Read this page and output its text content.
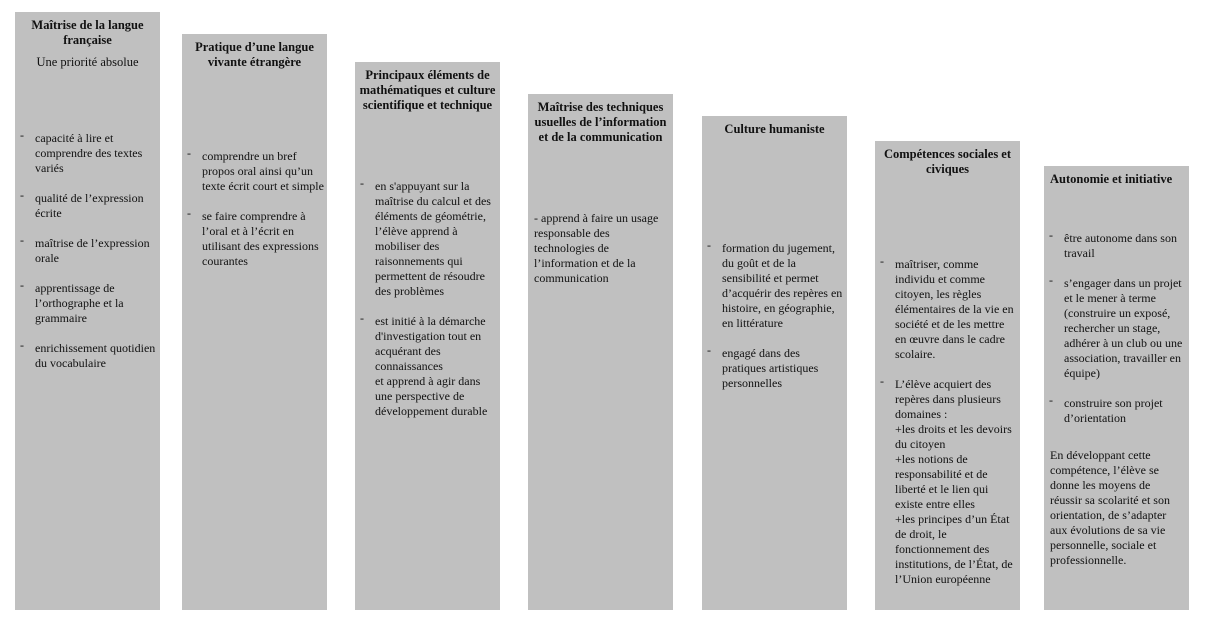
Maîtrise de la langue française
Une priorité absolue
- capacité à lire et comprendre des textes variés
- qualité de l’expression écrite
- maîtrise de l’expression orale
- apprentissage de l’orthographe et la grammaire
- enrichissement quotidien du vocabulaire
Pratique d’une langue vivante étrangère
- comprendre un bref propos oral ainsi qu’un texte écrit court et simple
- se faire comprendre à l’oral et à l’écrit en utilisant des expressions courantes
Principaux éléments de mathématiques et culture scientifique et technique
- en s'appuyant sur la maîtrise du calcul et des éléments de géométrie, l’élève apprend à mobiliser des raisonnements qui permettent de résoudre des problèmes
- est initié à la démarche d'investigation tout en acquérant des connaissances
et apprend à agir dans une perspective de développement durable
Maîtrise des techniques usuelles de l’information et de la communication
- apprend à faire un usage responsable des technologies de l’information et de la communication
Culture humaniste
- formation du jugement, du goût et de la sensibilité et permet d’acquérir des repères en histoire, en géographie, en littérature
- engagé dans des pratiques artistiques personnelles
Compétences sociales et civiques
- maîtriser, comme individu et comme citoyen, les règles élémentaires de la vie en société et de les mettre en œuvre dans le cadre scolaire.
- L’élève acquiert des repères dans plusieurs domaines :
+les droits et les devoirs du citoyen
+les notions de responsabilité et de liberté et le lien qui existe entre elles
+les principes d’un État de droit, le fonctionnement des institutions, de l’État, de l’Union européenne
Autonomie et initiative
- être autonome dans son travail
- s’engager dans un projet et le mener à terme (construire un exposé, rechercher un stage, adhérer à un club ou une association, travailler en équipe)
- construire son projet d’orientation
En développant cette compétence, l’élève se donne les moyens de réussir sa scolarité et son orientation, de s’adapter aux évolutions de sa vie personnelle, sociale et professionnelle.
